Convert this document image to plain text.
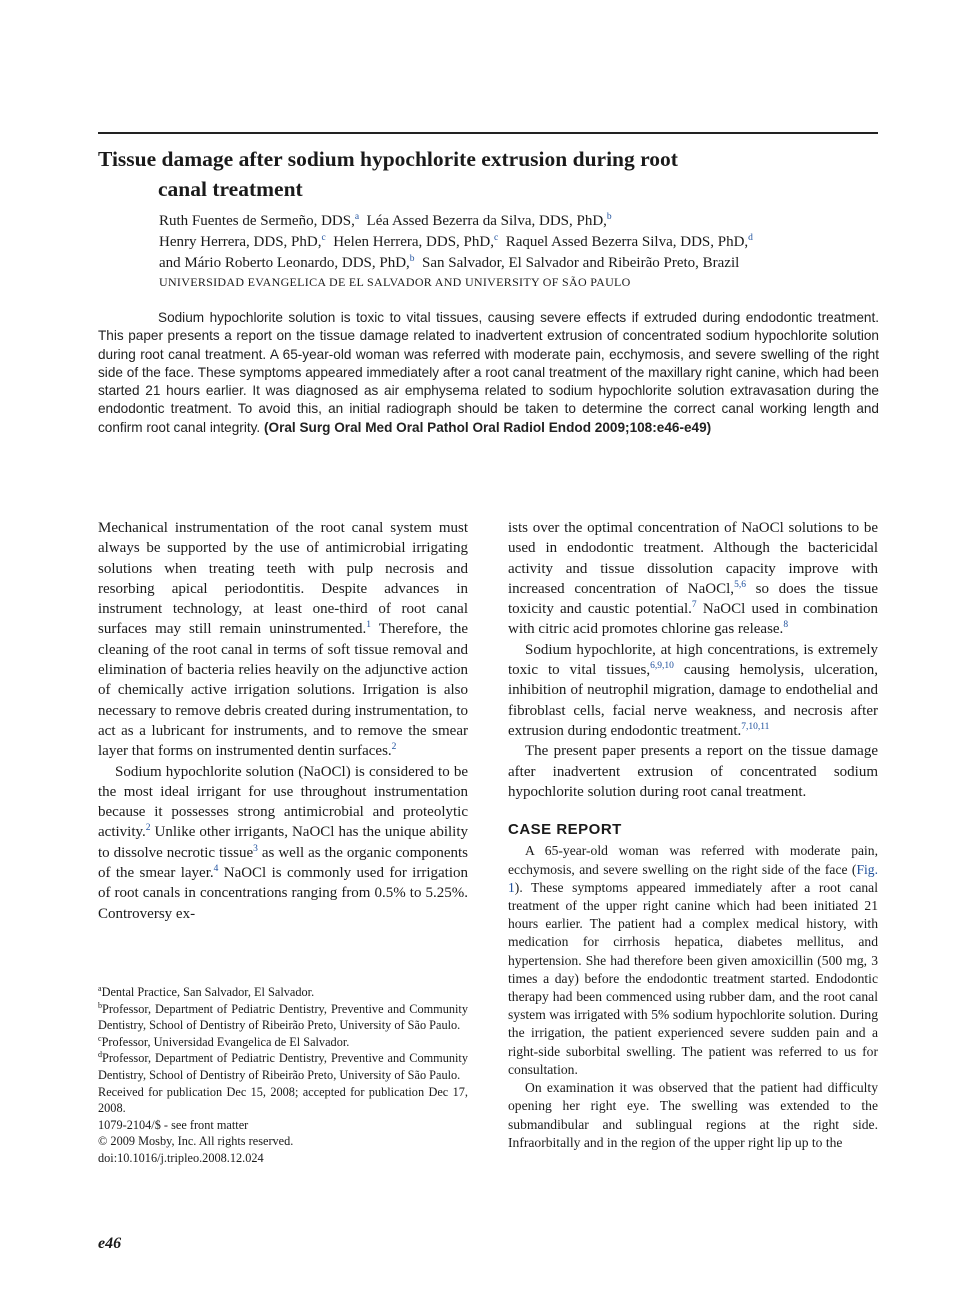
Tissue damage after sodium hypochlorite extrusion during root
canal treatment
Ruth Fuentes de Sermeño, DDS,$^a$ Léa Assed Bezerra da Silva, DDS, PhD,$^b$
Henry Herrera, DDS, PhD,$^c$ Helen Herrera, DDS, PhD,$^c$ Raquel Assed Bezerra Silva, DDS, PhD,$^d$
and Mário Roberto Leonardo, DDS, PhD,$^b$ San Salvador, El Salvador and Ribeirão Preto, Brazil
UNIVERSIDAD EVANGELICA DE EL SALVADOR AND UNIVERSITY OF SÃO PAULO
Sodium hypochlorite solution is toxic to vital tissues, causing severe effects if extruded during endodontic treatment. This paper presents a report on the tissue damage related to inadvertent extrusion of concentrated sodium hypochlorite solution during root canal treatment. A 65-year-old woman was referred with moderate pain, ecchymosis, and severe swelling of the right side of the face. These symptoms appeared immediately after a root canal treatment of the maxillary right canine, which had been started 21 hours earlier. It was diagnosed as air emphysema related to sodium hypochlorite solution extravasation during the endodontic treatment. To avoid this, an initial radiograph should be taken to determine the correct canal working length and confirm root canal integrity. (Oral Surg Oral Med Oral Pathol Oral Radiol Endod 2009;108:e46-e49)

Mechanical instrumentation of the root canal system must always be supported by the use of antimicrobial irrigating solutions when treating teeth with pulp necrosis and resorbing apical periodontitis. Despite advances in instrument technology, at least one-third of root canal surfaces may still remain uninstrumented.$^1$ Therefore, the cleaning of the root canal in terms of soft tissue removal and elimination of bacteria relies heavily on the adjunctive action of chemically active irrigation solutions. Irrigation is also necessary to remove debris created during instrumentation, to act as a lubricant for instruments, and to remove the smear layer that forms on instrumented dentin surfaces.$^2$

Sodium hypochlorite solution (NaOCl) is considered to be the most ideal irrigant for use throughout instrumentation because it possesses strong antimicrobial and proteolytic activity.$^2$ Unlike other irrigants, NaOCl has the unique ability to dissolve necrotic tissue$^3$ as well as the organic components of the smear layer.$^4$ NaOCl is commonly used for irrigation of root canals in concentrations ranging from 0.5% to 5.25%. Controversy ex-

ists over the optimal concentration of NaOCl solutions to be used in endodontic treatment. Although the bactericidal activity and tissue dissolution capacity improve with increased concentration of NaOCl,$^{5,6}$ so does the tissue toxicity and caustic potential.$^7$ NaOCl used in combination with citric acid promotes chlorine gas release.$^8$

Sodium hypochlorite, at high concentrations, is extremely toxic to vital tissues,$^{6,9,10}$ causing hemolysis, ulceration, inhibition of neutrophil migration, damage to endothelial and fibroblast cells, facial nerve weakness, and necrosis after extrusion during endodontic treatment.$^{7,10,11}$

The present paper presents a report on the tissue damage after inadvertent extrusion of concentrated sodium hypochlorite solution during root canal treatment.

CASE REPORT

A 65-year-old woman was referred with moderate pain, ecchymosis, and severe swelling on the right side of the face (Fig. 1). These symptoms appeared immediately after a root canal treatment of the upper right canine which had been initiated 21 hours earlier. The patient had a complex medical history, with medication for cirrhosis hepatica, diabetes mellitus, and hypertension. She had therefore been given amoxicillin (500 mg, 3 times a day) before the endodontic treatment started. Endodontic therapy had been commenced using rubber dam, and the root canal system was irrigated with 5% sodium hypochlorite solution. During the irrigation, the patient experienced severe sudden pain and a right-side suborbital swelling. The patient was referred to us for consultation.

On examination it was observed that the patient had difficulty opening her right eye. The swelling was extended to the submandibular and sublingual regions at the right side. Infraorbitally and in the region of the upper right lip up to the

$^a$Dental Practice, San Salvador, El Salvador.
$^b$Professor, Department of Pediatric Dentistry, Preventive and Community Dentistry, School of Dentistry of Ribeirão Preto, University of São Paulo.
$^c$Professor, Universidad Evangelica de El Salvador.
$^d$Professor, Department of Pediatric Dentistry, Preventive and Community Dentistry, School of Dentistry of Ribeirão Preto, University of São Paulo.
Received for publication Dec 15, 2008; accepted for publication Dec 17, 2008.
1079-2104/$ - see front matter
© 2009 Mosby, Inc. All rights reserved.
doi:10.1016/j.tripleo.2008.12.024
e46
